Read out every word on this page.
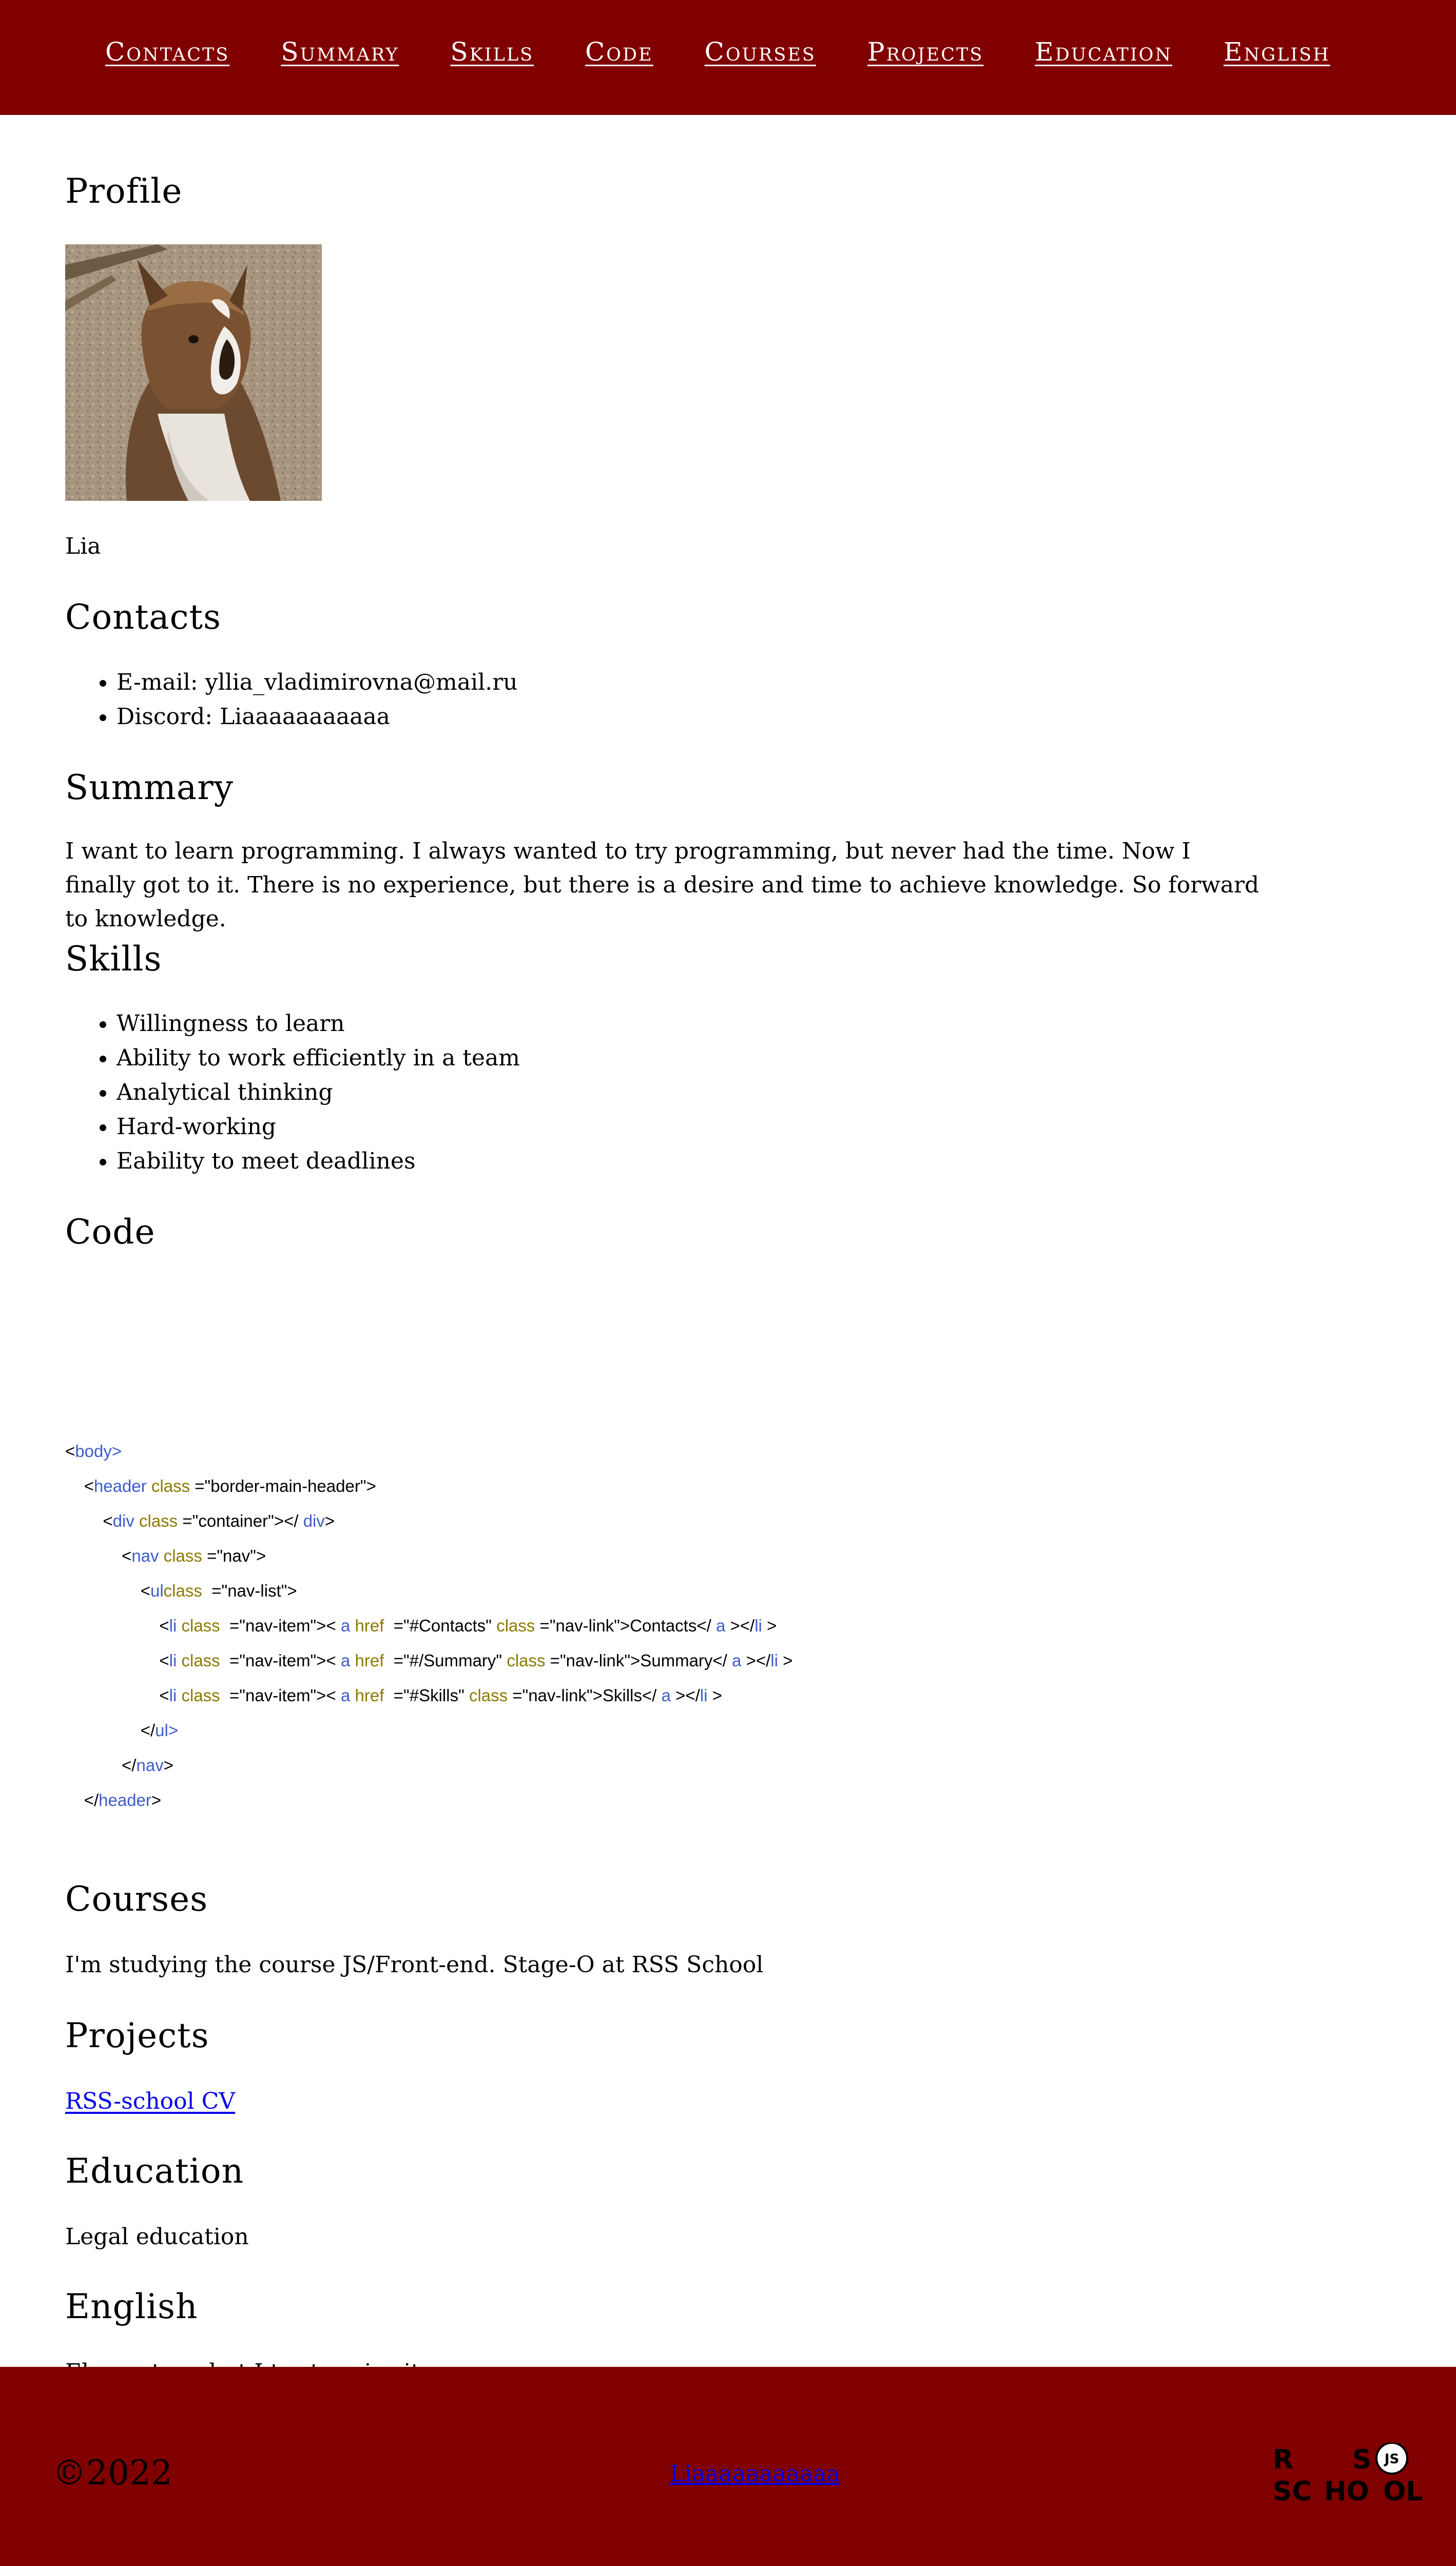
Contacts Summary Skills Code Courses Projects Education English
Profile

Lia

Contacts
• E-mail: yllia_vladimirovna@mail.ru
• Discord: Liaaaaaaaaaaa
Summary

I want to learn programming. I always wanted to try programming, but never had the time. Now I finally got to it. There is no experience, but there is a desire and time to achieve knowledge. So forward to knowledge.

Skills
• Willingness to learn
• Ability to work efficiently in a team
• Analytical thinking
• Hard-working
• Eability to meet deadlines
Code
<body>
<header class ="border-main-header">
<div class ="container"></ div>
<nav class ="nav">
<ulclass ="nav-list">
<li class ="nav-item">< a href ="#Contacts" class ="nav-link">Contacts</ a ></li >
<li class ="nav-item">< a href ="#/Summary" class ="nav-link">Summary</ a ></li >
<li class ="nav-item">< a href ="#Skills" class ="nav-link">Skills</ a ></li >
</ul>
</nav>
</header>
Courses

I'm studying the course JS/Front-end. Stage-O at RSS School

Projects

RSS-school CV

Education

Legal education

English

©2022	Liaaaaaaaaaaa	R S
SC HO OL
JS
